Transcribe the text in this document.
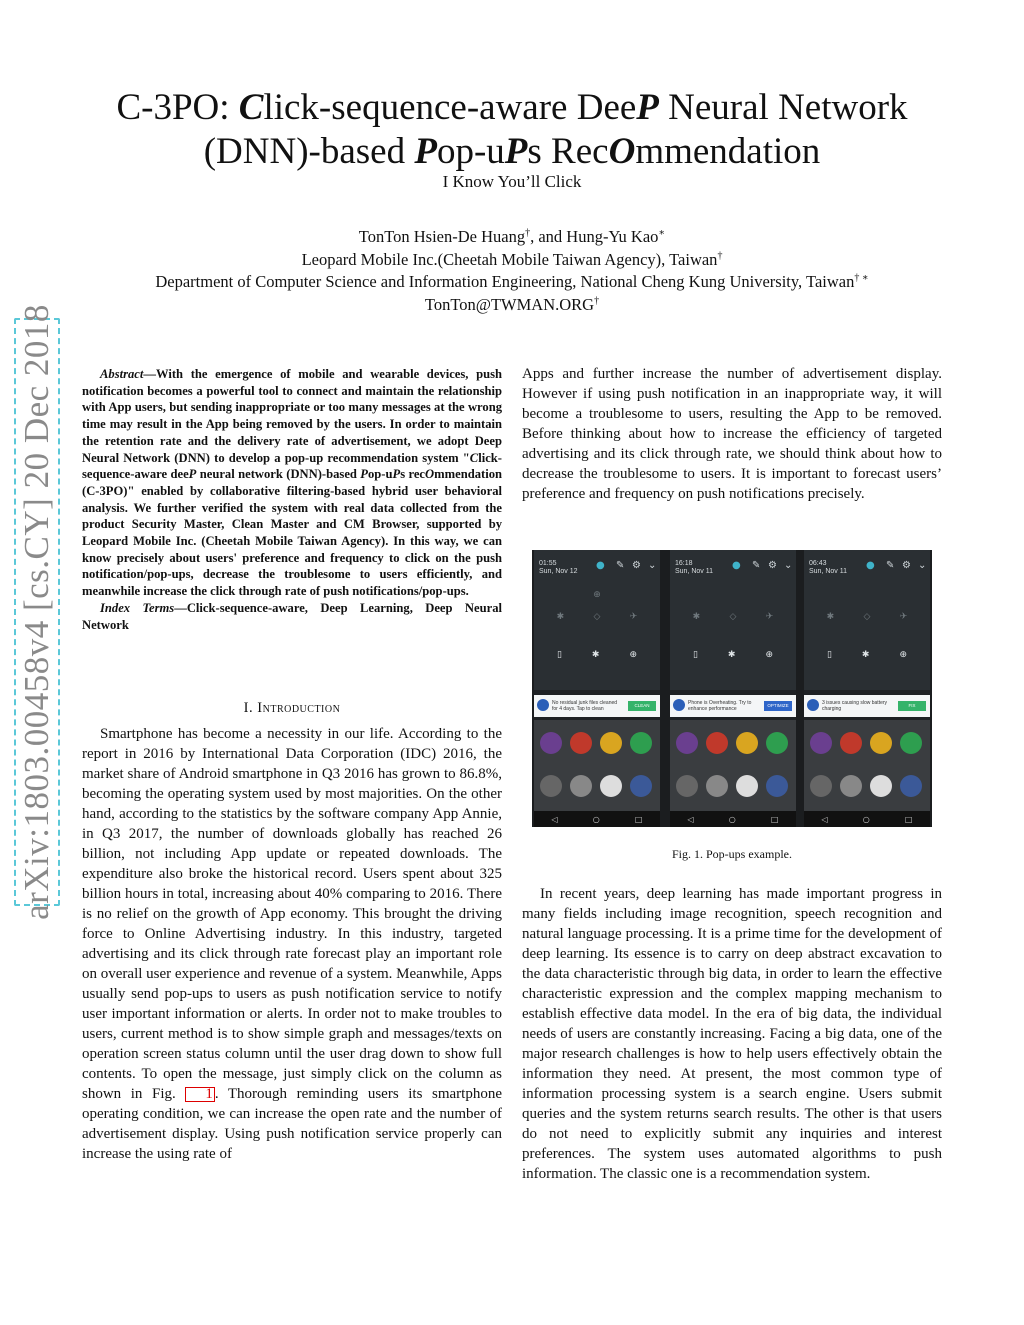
arXiv:1803.00458v4 [cs.CY] 20 Dec 2018
C-3PO: Click-sequence-aware DeeP Neural Network (DNN)-based Pop-uPs RecOmmendation
I Know You’ll Click
TonTon Hsien-De Huang†, and Hung-Yu Kao∗
Leopard Mobile Inc.(Cheetah Mobile Taiwan Agency), Taiwan†
Department of Computer Science and Information Engineering, National Cheng Kung University, Taiwan† ∗
TonTon@TWMAN.ORG†

Abstract—With the emergence of mobile and wearable devices, push notification becomes a powerful tool to connect and maintain the relationship with App users, but sending inappropriate or too many messages at the wrong time may result in the App being removed by the users. In order to maintain the retention rate and the delivery rate of advertisement, we adopt Deep Neural Network (DNN) to develop a pop-up recommendation system "Click-sequence-aware deeP neural network (DNN)-based Pop-uPs recOmmendation (C-3PO)" enabled by collaborative filtering-based hybrid user behavioral analysis. We further verified the system with real data collected from the product Security Master, Clean Master and CM Browser, supported by Leopard Mobile Inc. (Cheetah Mobile Taiwan Agency). In this way, we can know precisely about users' preference and frequency to click on the push notification/pop-ups, decrease the troublesome to users efficiently, and meanwhile increase the click through rate of push notifications/pop-ups.

Index Terms—Click-sequence-aware, Deep Learning, Deep Neural Network

I. Introduction

Smartphone has become a necessity in our life. According to the report in 2016 by International Data Corporation (IDC) 2016, the market share of Android smartphone in Q3 2016 has grown to 86.8%, becoming the operating system used by most majorities. On the other hand, according to the statistics by the software company App Annie, in Q3 2017, the number of downloads globally has reached 26 billion, not including App update or repeated downloads. The expenditure also broke the historical record. Users spent about 325 billion hours in total, increasing about 40% comparing to 2016. There is no relief on the growth of App economy. This brought the driving force to Online Advertising industry. In this industry, targeted advertising and its click through rate forecast play an important role on overall user experience and revenue of a system. Meanwhile, Apps usually send pop-ups to users as push notification service to notify user important information or alerts. In order not to make troubles to users, current method is to show simple graph and messages/texts on operation screen status column until the user drag down to show full contents. To open the message, just simply click on the column as shown in Fig. 1 . Thorough reminding users its smartphone operating condition, we can increase the open rate and the number of advertisement display. Using push notification service properly can increase the using rate of

Apps and further increase the number of advertisement display. However if using push notification in an inappropriate way, it will become a troublesome to users, resulting the App to be removed. Before thinking about how to increase the efficiency of targeted advertising and its click through rate, we should think about how to decrease the troublesome to users. It is important to forecast users’ preference and frequency on push notifications precisely.

01:55
Sun, Nov 12
● ✎ ⚙ ⌄
⊕
✱	◇	✈
▯	✱	⊕
No residual junk files cleaned for 4 days. Tap to clean
CLEAN
◁	○	□
16:18
Sun, Nov 11
● ✎ ⚙ ⌄
✱	◇	✈
▯	✱	⊕
Phone is Overheating. Try to enhance performance
OPTIMIZE
◁	○	□
06:43
Sun, Nov 11
● ✎ ⚙ ⌄
✱	◇	✈
▯	✱	⊕
3 issues causing slow battery charging
FIX
◁	○	□
Fig. 1. Pop-ups example.

In recent years, deep learning has made important progress in many fields including image recognition, speech recognition and natural language processing. It is a prime time for the development of deep learning. Its essence is to carry on deep abstract excavation to the data characteristic through big data, in order to learn the effective characteristic expression and the complex mapping mechanism to establish effective data model. In the era of big data, the individual needs of users are constantly increasing. Facing a big data, one of the major research challenges is how to help users effectively obtain the information they need. At present, the most common type of information processing system is a search engine. Users submit queries and the system returns search results. The other is that users do not need to explicitly submit any inquiries and interest preferences. The system uses automated algorithms to push information. The classic one is a recommendation system.
